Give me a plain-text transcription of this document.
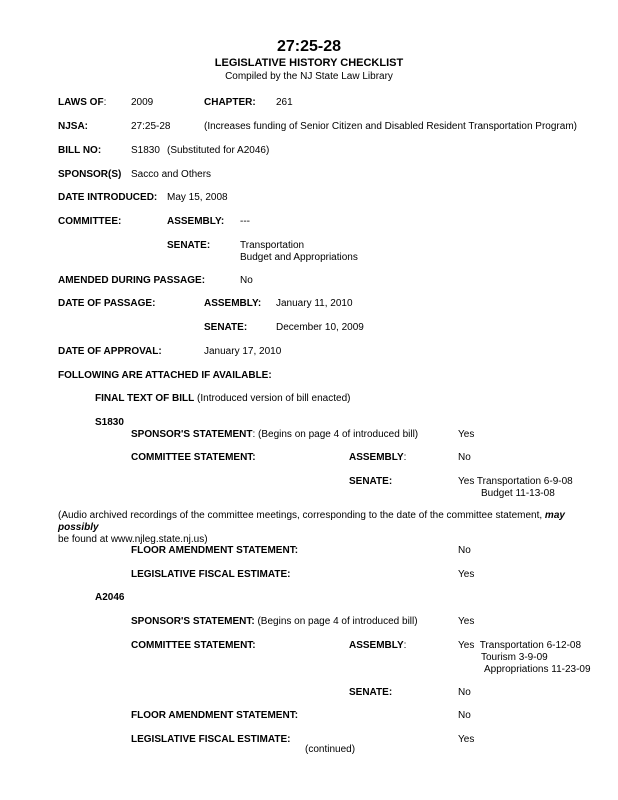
27:25-28
LEGISLATIVE HISTORY CHECKLIST
Compiled by the NJ State Law Library
LAWS OF: 2009	CHAPTER: 261
NJSA:	27:25-28	(Increases funding of Senior Citizen and Disabled Resident Transportation Program)
BILL NO:	S1830 (Substituted for A2046)
SPONSOR(S) Sacco and Others
DATE INTRODUCED: May 15, 2008
COMMITTEE:	ASSEMBLY: ---
SENATE:	Transportation
Budget and Appropriations
AMENDED DURING PASSAGE:	No
DATE OF PASSAGE:	ASSEMBLY: January 11, 2010
SENATE:	December 10, 2009
DATE OF APPROVAL:	January 17, 2010
FOLLOWING ARE ATTACHED IF AVAILABLE:
FINAL TEXT OF BILL (Introduced version of bill enacted)
S1830
SPONSOR'S STATEMENT: (Begins on page 4 of introduced bill)	Yes
COMMITTEE STATEMENT:	ASSEMBLY:	No
SENATE:	Yes Transportation 6-9-08
Budget 11-13-08
(Audio archived recordings of the committee meetings, corresponding to the date of the committee statement, may possibly
be found at www.njleg.state.nj.us)
FLOOR AMENDMENT STATEMENT:	No
LEGISLATIVE FISCAL ESTIMATE:	Yes
A2046
SPONSOR'S STATEMENT: (Begins on page 4 of introduced bill)	Yes
COMMITTEE STATEMENT:	ASSEMBLY:	Yes  Transportation 6-12-08
Tourism 3-9-09
Appropriations 11-23-09
SENATE:	No
FLOOR AMENDMENT STATEMENT:	No
LEGISLATIVE FISCAL ESTIMATE:	Yes
(continued)
